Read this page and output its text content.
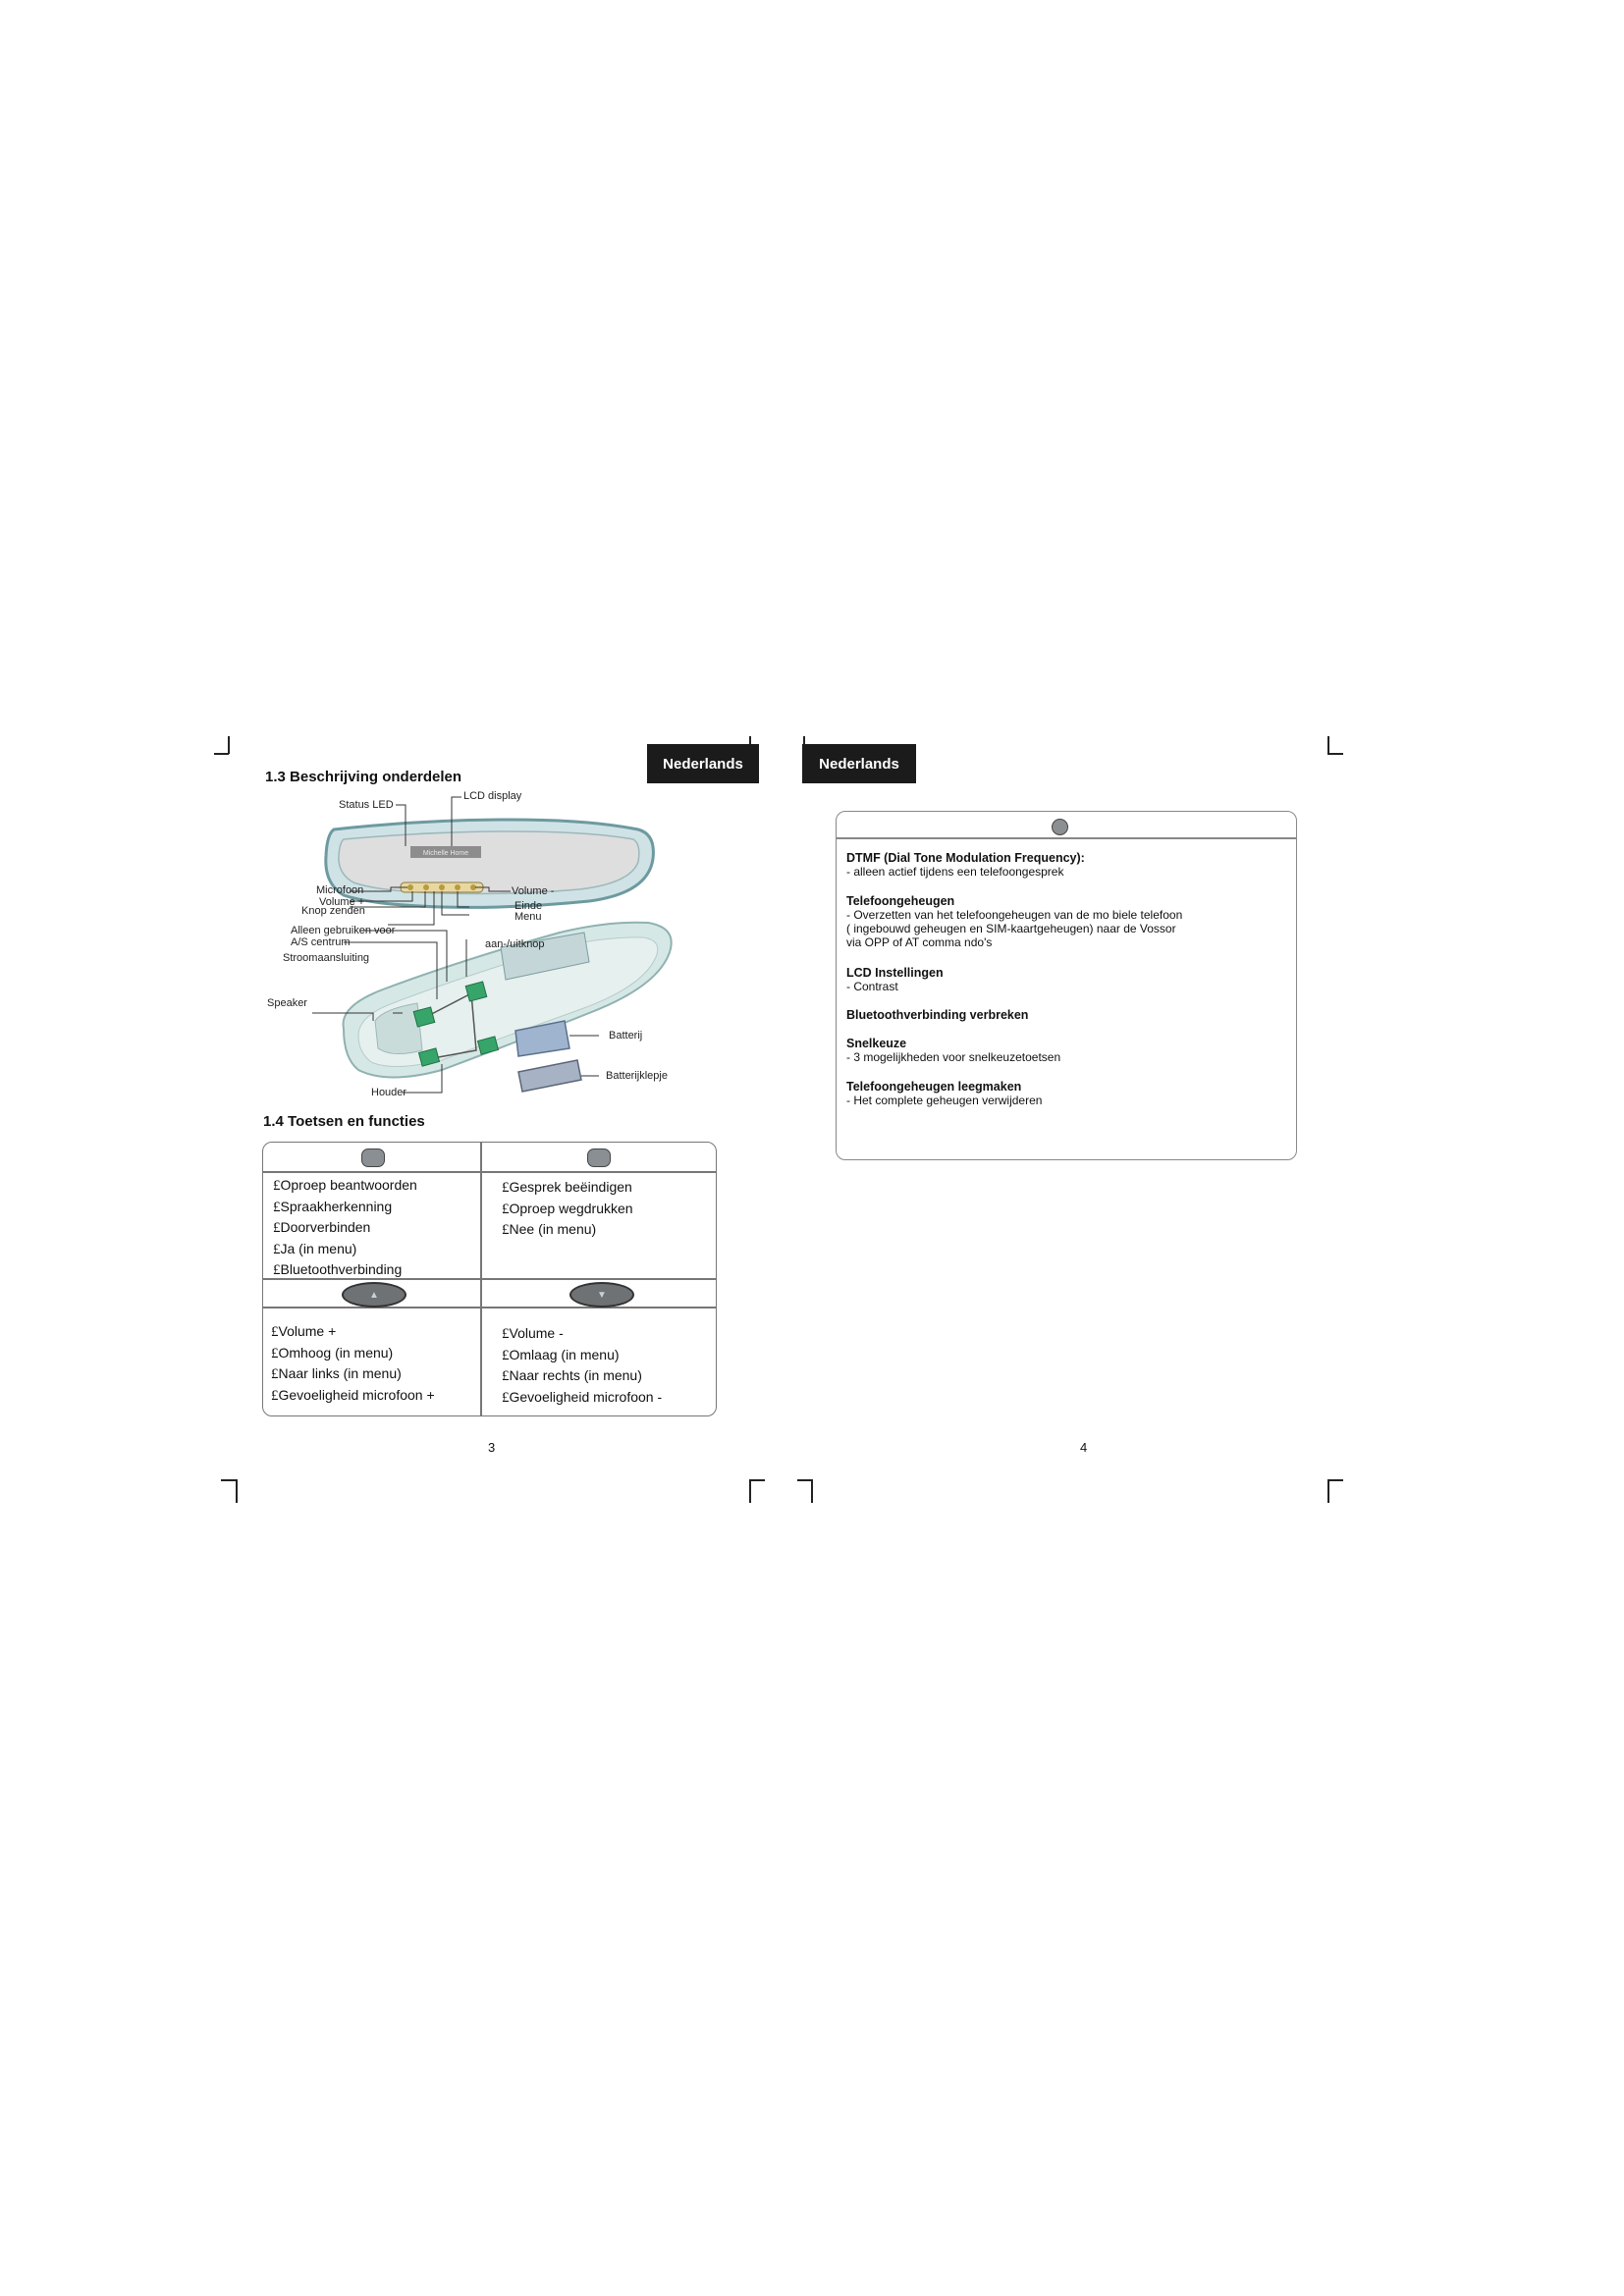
Nederlands
1.3 Beschrijving onderdelen
Michelle Home
Status LED
LCD display
Microfoon
Volume +
Knop zenden
Volume -
Einde
Menu
Alleen gebruiken voor
A/S centrum	aan-/uitknop
Stroomaansluiting
Speaker
Batterij
Batterijklepje
Houder
1.4 Toetsen en functies
£Oproep beantwoorden
£Spraakherkenning
£Doorverbinden
£Ja (in menu)
£Bluetoothverbinding
£Gesprek beëindigen
£Oproep wegdrukken
£Nee (in menu)
▲	▼
£Volume +
£Omhoog (in menu)
£Naar links (in menu)
£Gevoeligheid microfoon +
£Volume -
£Omlaag (in menu)
£Naar rechts (in menu)
£Gevoeligheid microfoon -
3
Nederlands
DTMF (Dial Tone Modulation Frequency):
- alleen actief tijdens een telefoongesprek
Telefoongeheugen
- Overzetten van het telefoongeheugen van de mo biele telefoon
( ingebouwd geheugen en SIM-kaartgeheugen) naar de Vossor
via OPP of AT comma ndo's
LCD Instellingen
- Contrast
Bluetoothverbinding verbreken
Snelkeuze
- 3 mogelijkheden voor snelkeuzetoetsen
Telefoongeheugen leegmaken
- Het complete geheugen verwijderen
4
